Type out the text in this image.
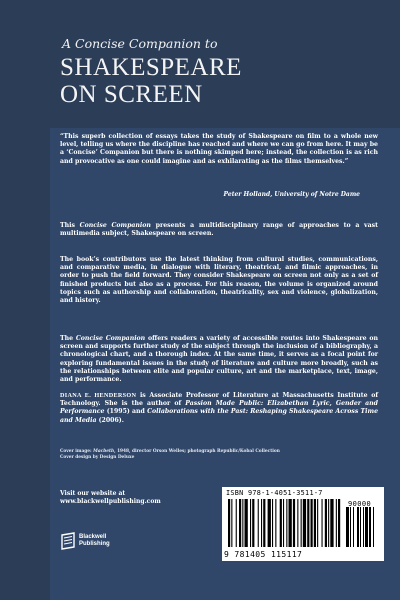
A Concise Companion to
SHAKESPEARE
ON SCREEN
“This superb collection of essays takes the study of Shakespeare on film to a whole new level, telling us where the discipline has reached and where we can go from here. It may be a ‘Concise’ Companion but there is nothing skimped here; instead, the collection is as rich and provocative as one could imagine and as exhilarating as the films themselves.”
Peter Holland, University of Notre Dame
This Concise Companion presents a multidisciplinary range of approaches to a vast multimedia subject, Shakespeare on screen.
The book’s contributors use the latest thinking from cultural studies, communications, and comparative media, in dialogue with literary, theatrical, and filmic approaches, in order to push the field forward. They consider Shakespeare on screen not only as a set of finished products but also as a process. For this reason, the volume is organized around topics such as authorship and collaboration, theatricality, sex and violence, globalization, and history.
The Concise Companion offers readers a variety of accessible routes into Shakespeare on screen and supports further study of the subject through the inclusion of a bibliography, a chronological chart, and a thorough index. At the same time, it serves as a focal point for exploring fundamental issues in the study of literature and culture more broadly, such as the relationships between elite and popular culture, art and the marketplace, text, image, and performance.
DIANA E. HENDERSON is Associate Professor of Literature at Massachusetts Institute of Technology. She is the author of Passion Made Public: Elizabethan Lyric, Gender and Performance (1995) and Collaborations with the Past: Reshaping Shakespeare Across Time and Media (2006).
Cover image: Macbeth, 1948, director Orson Welles; photograph Republic/Kobal Collection
Cover design by Design Deluxe
Visit our website at
www.blackwellpublishing.com
Blackwell
Publishing
ISBN 978-1-4051-3511-7
9 781405 115117
90000
